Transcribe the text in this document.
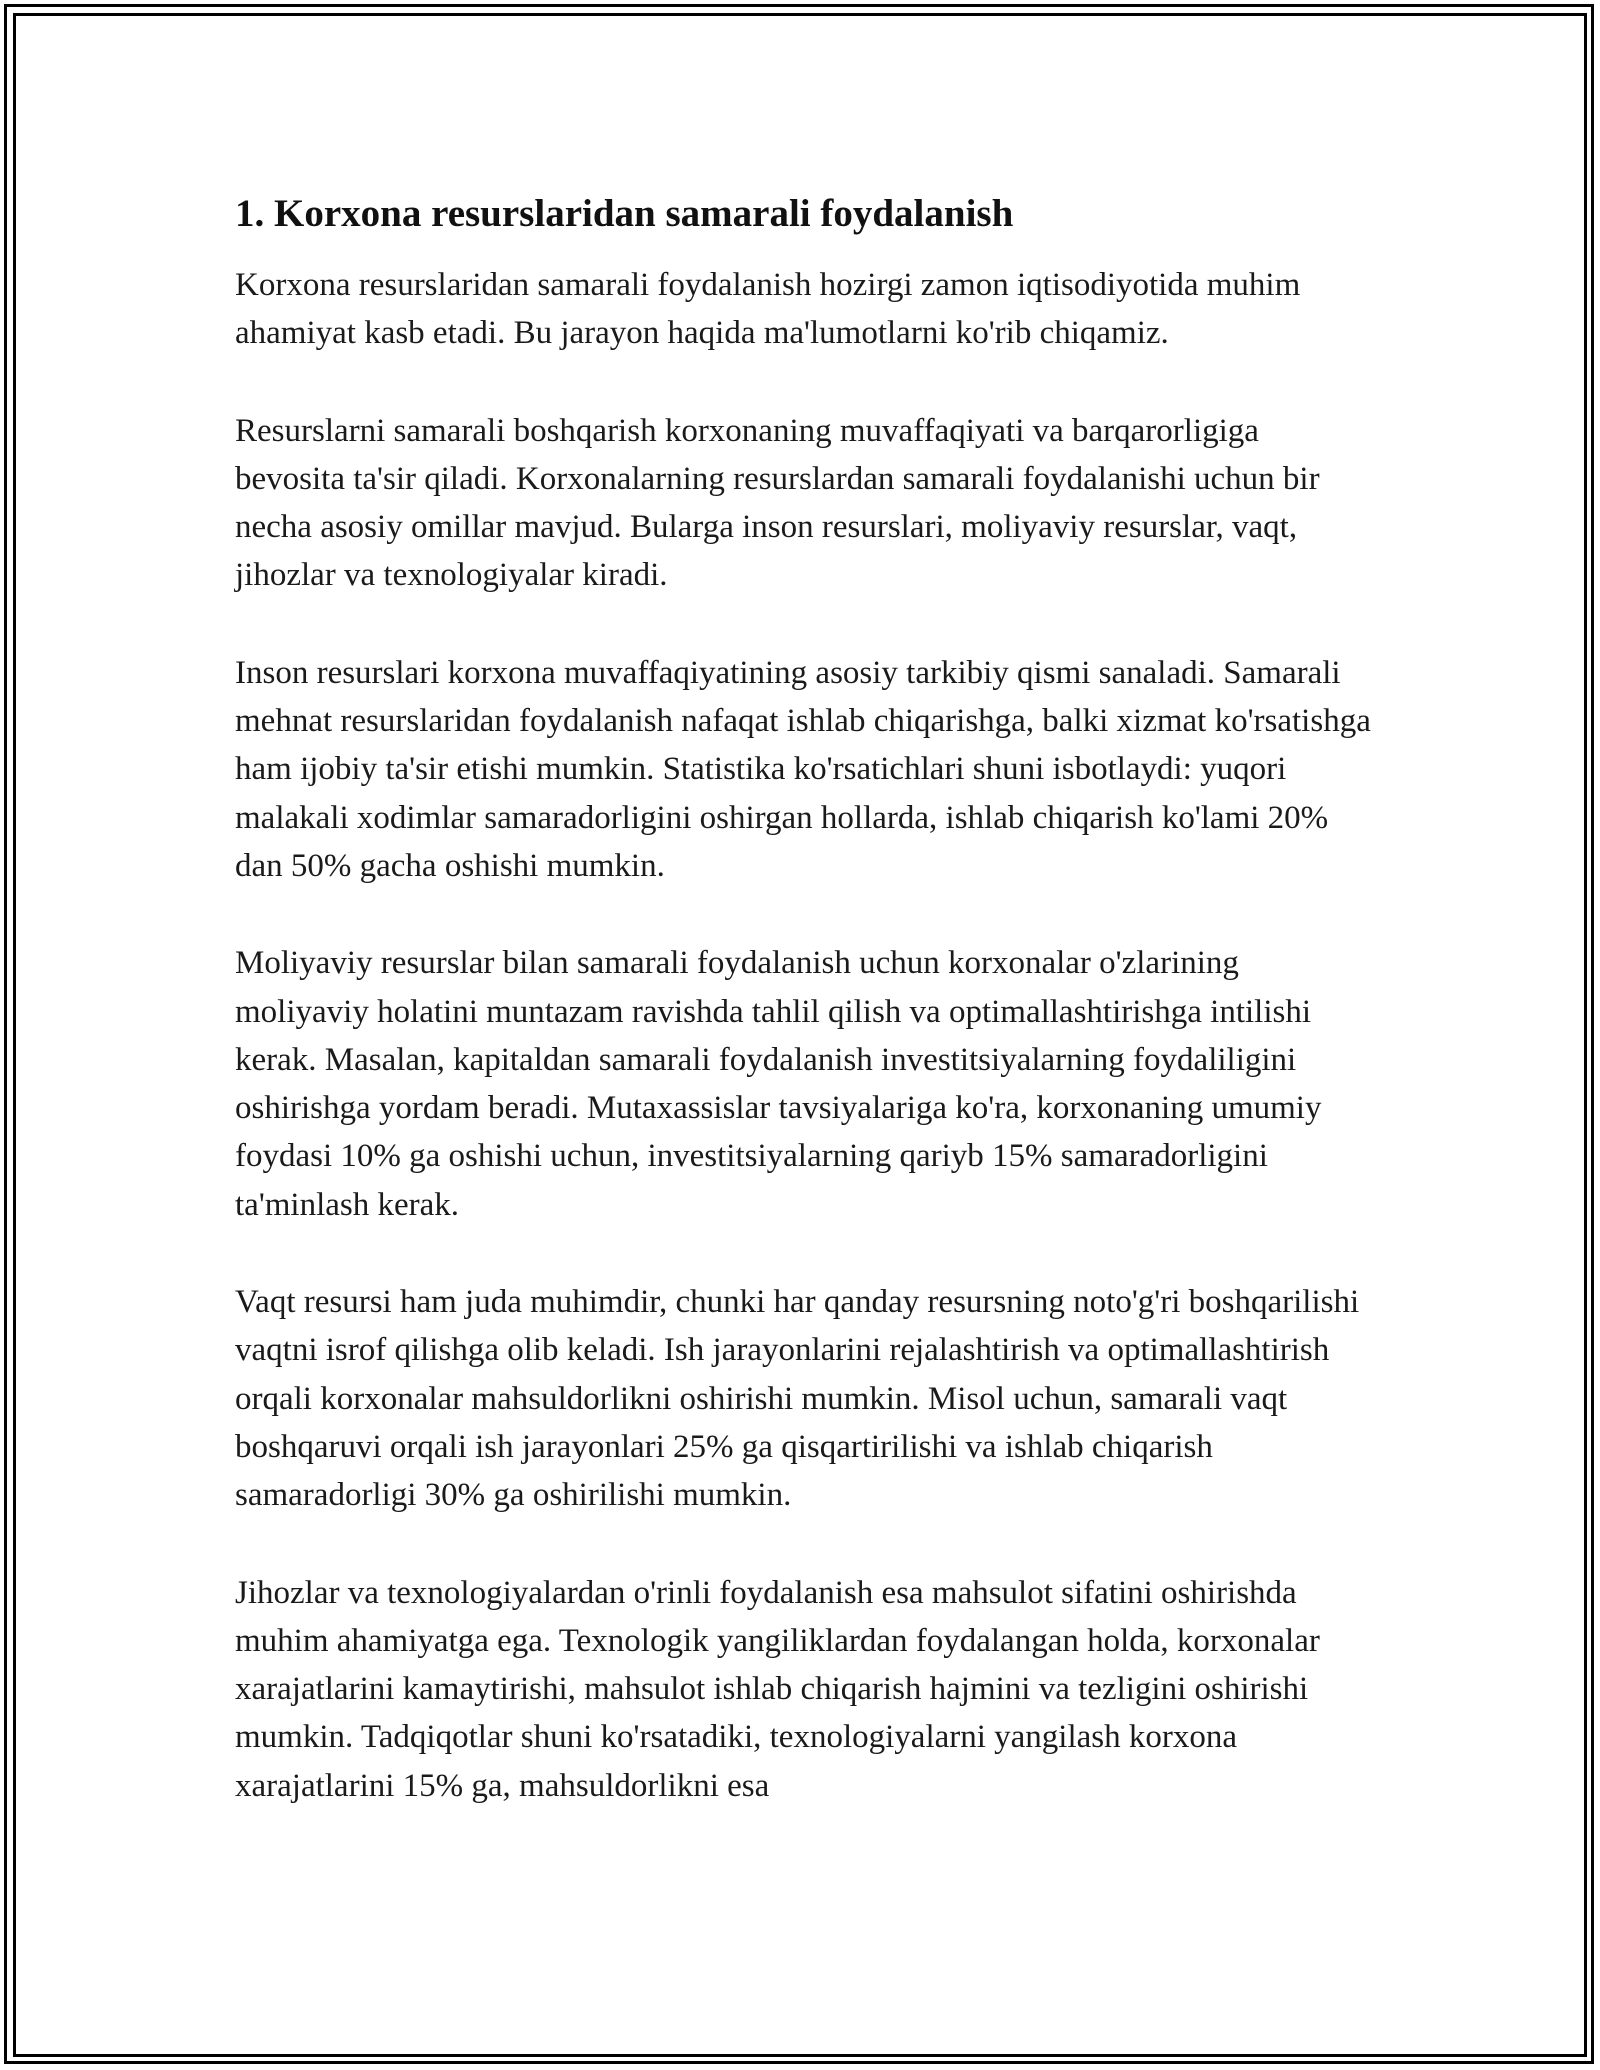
1. Korxona resurslaridan samarali foydalanish

Korxona resurslaridan samarali foydalanish hozirgi zamon iqtisodiyotida muhim ahamiyat kasb etadi. Bu jarayon haqida ma'lumotlarni ko'rib chiqamiz.

Resurslarni samarali boshqarish korxonaning muvaffaqiyati va barqarorligiga bevosita ta'sir qiladi. Korxonalarning resurslardan samarali foydalanishi uchun bir necha asosiy omillar mavjud. Bularga inson resurslari, moliyaviy resurslar, vaqt, jihozlar va texnologiyalar kiradi.

Inson resurslari korxona muvaffaqiyatining asosiy tarkibiy qismi sanaladi. Samarali mehnat resurslaridan foydalanish nafaqat ishlab chiqarishga, balki xizmat ko'rsatishga ham ijobiy ta'sir etishi mumkin. Statistika ko'rsatichlari shuni isbotlaydi: yuqori malakali xodimlar samaradorligini oshirgan hollarda, ishlab chiqarish ko'lami 20% dan 50% gacha oshishi mumkin.

Moliyaviy resurslar bilan samarali foydalanish uchun korxonalar o'zlarining moliyaviy holatini muntazam ravishda tahlil qilish va optimallashtirishga intilishi kerak. Masalan, kapitaldan samarali foydalanish investitsiyalarning foydaliligini oshirishga yordam beradi. Mutaxassislar tavsiyalariga ko'ra, korxonaning umumiy foydasi 10% ga oshishi uchun, investitsiyalarning qariyb 15% samaradorligini ta'minlash kerak.

Vaqt resursi ham juda muhimdir, chunki har qanday resursning noto'g'ri boshqarilishi vaqtni isrof qilishga olib keladi. Ish jarayonlarini rejalashtirish va optimallashtirish orqali korxonalar mahsuldorlikni oshirishi mumkin. Misol uchun, samarali vaqt boshqaruvi orqali ish jarayonlari 25% ga qisqartirilishi va ishlab chiqarish samaradorligi 30% ga oshirilishi mumkin.

Jihozlar va texnologiyalardan o'rinli foydalanish esa mahsulot sifatini oshirishda muhim ahamiyatga ega. Texnologik yangiliklardan foydalangan holda, korxonalar xarajatlarini kamaytirishi, mahsulot ishlab chiqarish hajmini va tezligini oshirishi mumkin. Tadqiqotlar shuni ko'rsatadiki, texnologiyalarni yangilash korxona xarajatlarini 15% ga, mahsuldorlikni esa
